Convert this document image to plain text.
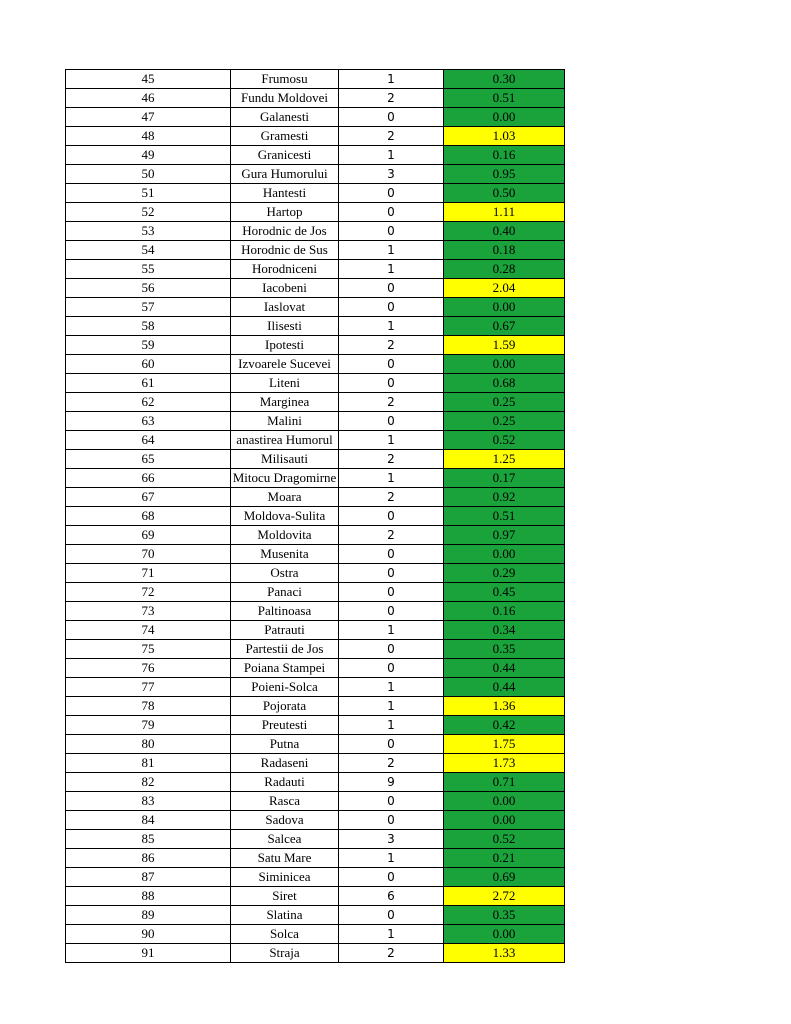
45	Frumosu	1	0.30
46	Fundu Moldovei	2	0.51
47	Galanesti	0	0.00
48	Gramesti	2	1.03
49	Granicesti	1	0.16
50	Gura Humorului	3	0.95
51	Hantesti	0	0.50
52	Hartop	0	1.11
53	Horodnic de Jos	0	0.40
54	Horodnic de Sus	1	0.18
55	Horodniceni	1	0.28
56	Iacobeni	0	2.04
57	Iaslovat	0	0.00
58	Ilisesti	1	0.67
59	Ipotesti	2	1.59
60	Izvoarele Sucevei	0	0.00
61	Liteni	0	0.68
62	Marginea	2	0.25
63	Malini	0	0.25
64	anastirea Humorul	1	0.52
65	Milisauti	2	1.25
66	Mitocu Dragomirne	1	0.17
67	Moara	2	0.92
68	Moldova-Sulita	0	0.51
69	Moldovita	2	0.97
70	Musenita	0	0.00
71	Ostra	0	0.29
72	Panaci	0	0.45
73	Paltinoasa	0	0.16
74	Patrauti	1	0.34
75	Partestii de Jos	0	0.35
76	Poiana Stampei	0	0.44
77	Poieni-Solca	1	0.44
78	Pojorata	1	1.36
79	Preutesti	1	0.42
80	Putna	0	1.75
81	Radaseni	2	1.73
82	Radauti	9	0.71
83	Rasca	0	0.00
84	Sadova	0	0.00
85	Salcea	3	0.52
86	Satu Mare	1	0.21
87	Siminicea	0	0.69
88	Siret	6	2.72
89	Slatina	0	0.35
90	Solca	1	0.00
91	Straja	2	1.33
